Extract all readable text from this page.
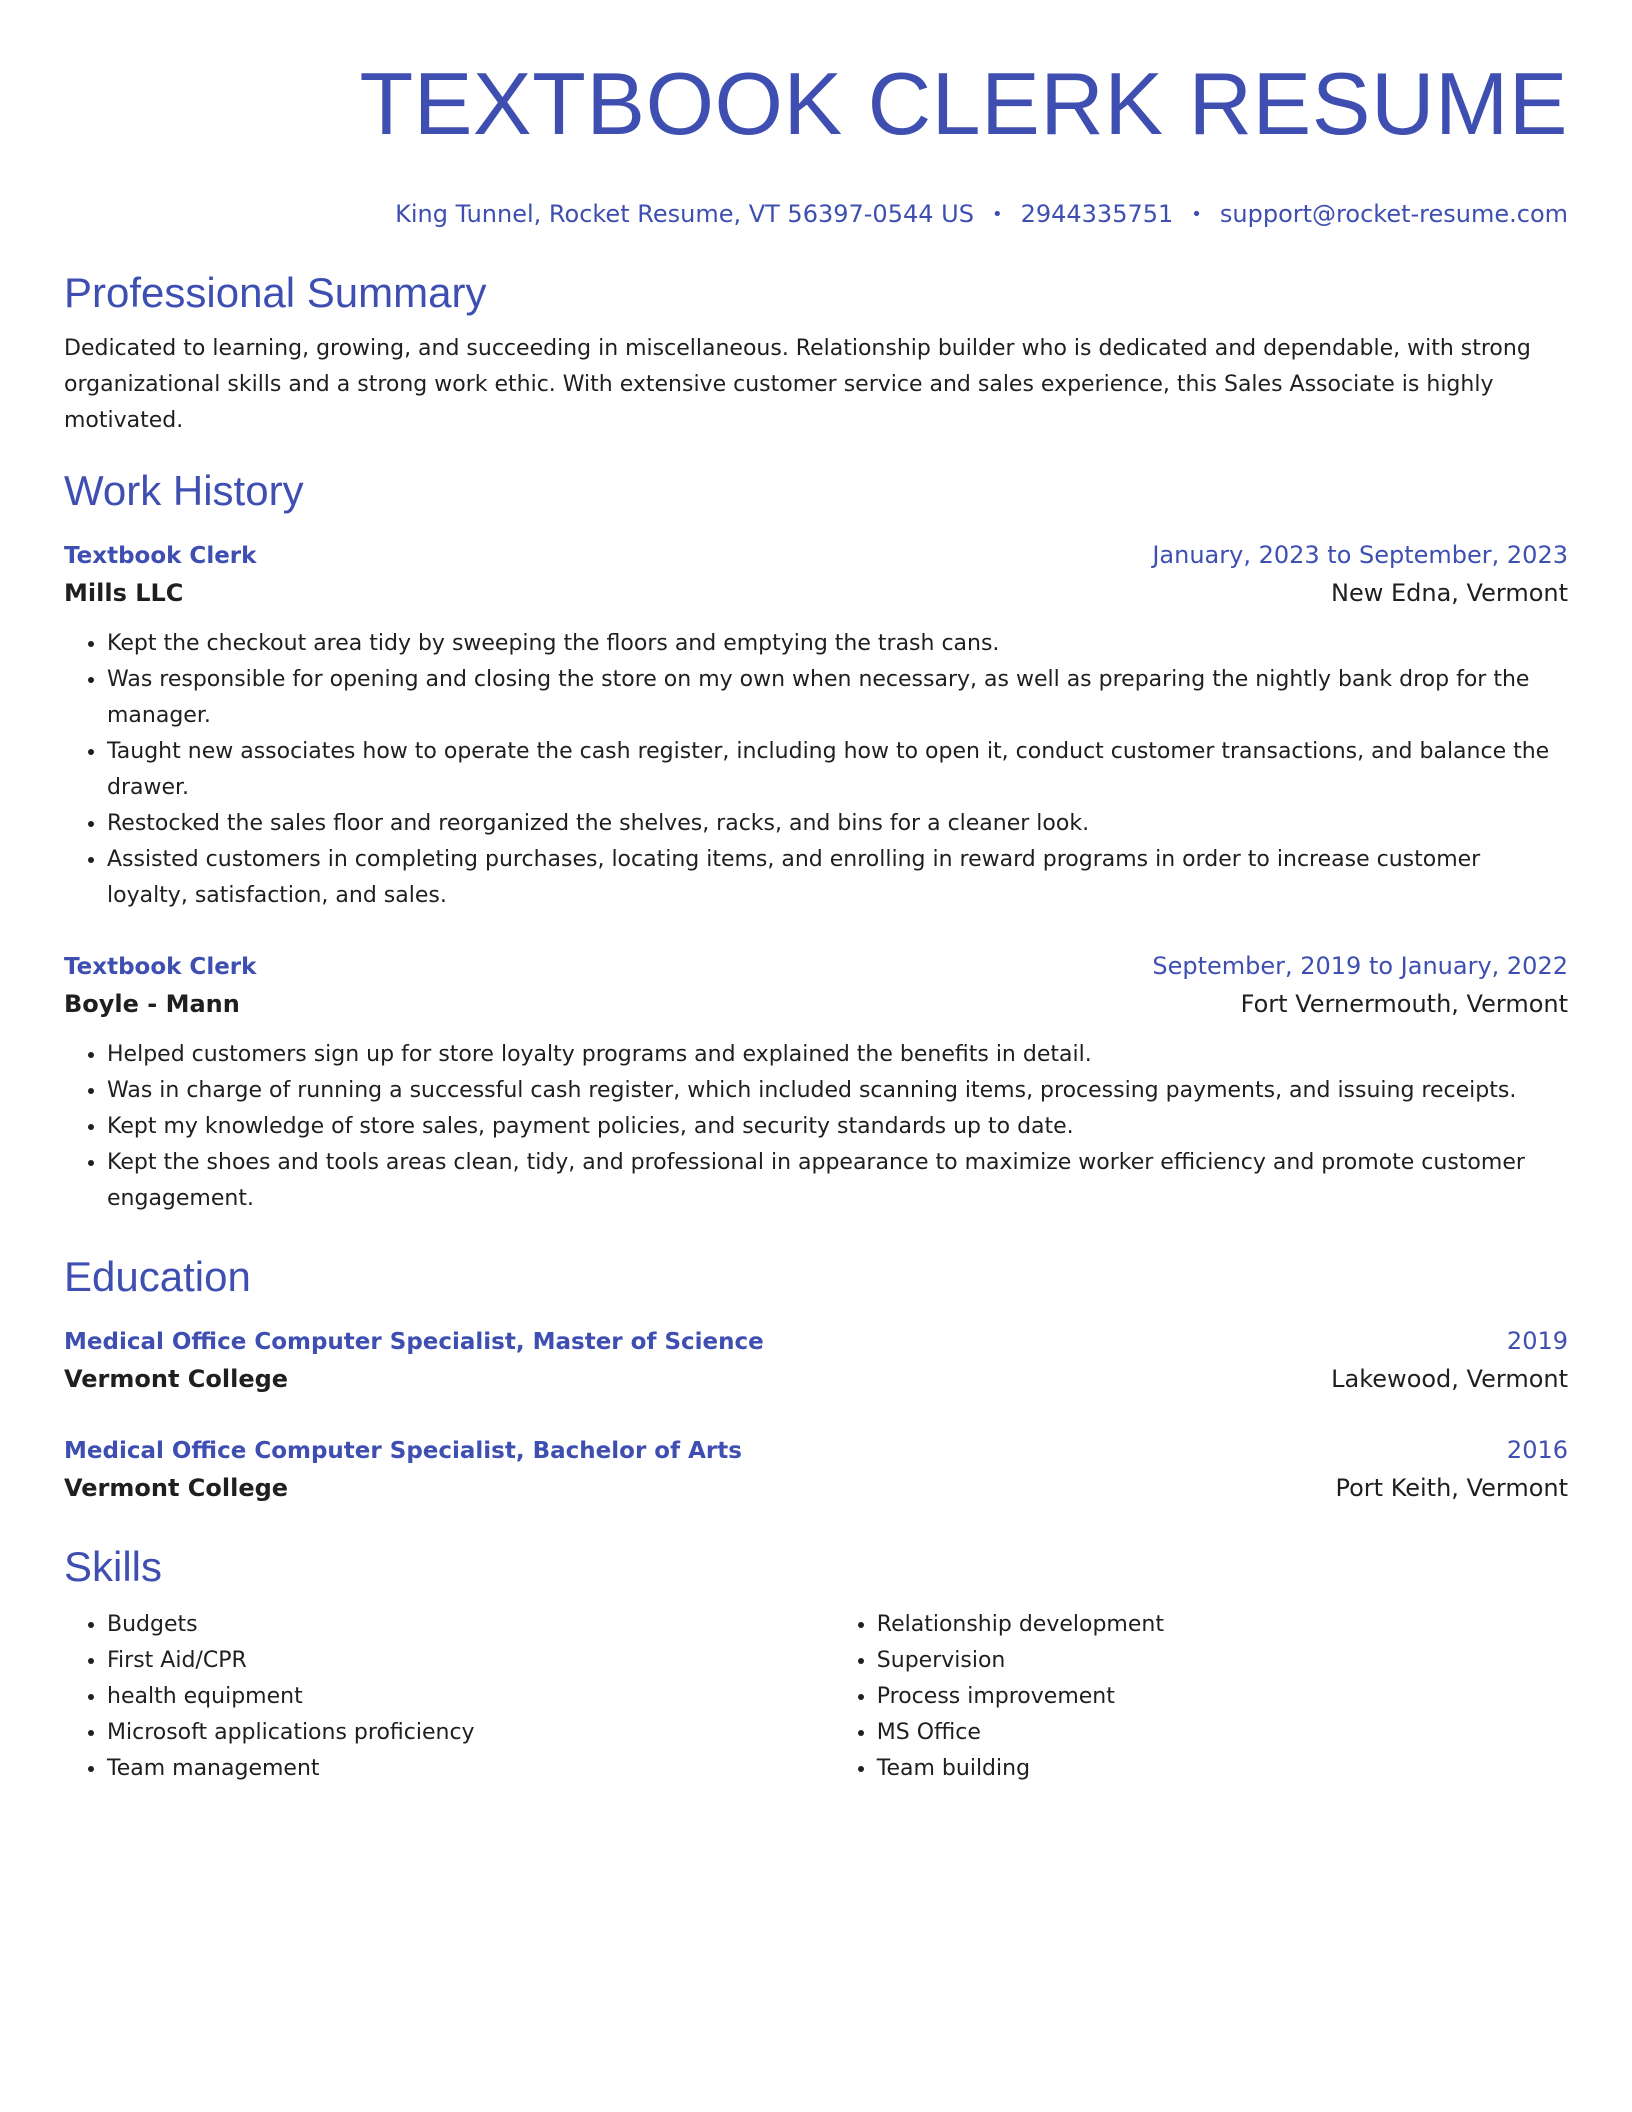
TEXTBOOK CLERK RESUME
King Tunnel, Rocket Resume, VT 56397-0544 US • 2944335751 • support@rocket-resume.com
Professional Summary
Dedicated to learning, growing, and succeeding in miscellaneous. Relationship builder who is dedicated and dependable, with strong organizational skills and a strong work ethic. With extensive customer service and sales experience, this Sales Associate is highly motivated.
Work History
Textbook Clerk	January, 2023 to September, 2023
Mills LLC	New Edna, Vermont
• Kept the checkout area tidy by sweeping the floors and emptying the trash cans.
• Was responsible for opening and closing the store on my own when necessary, as well as preparing the nightly bank drop for the manager.
• Taught new associates how to operate the cash register, including how to open it, conduct customer transactions, and balance the drawer.
• Restocked the sales floor and reorganized the shelves, racks, and bins for a cleaner look.
• Assisted customers in completing purchases, locating items, and enrolling in reward programs in order to increase customer loyalty, satisfaction, and sales.
Textbook Clerk	September, 2019 to January, 2022
Boyle - Mann	Fort Vernermouth, Vermont
• Helped customers sign up for store loyalty programs and explained the benefits in detail.
• Was in charge of running a successful cash register, which included scanning items, processing payments, and issuing receipts.
• Kept my knowledge of store sales, payment policies, and security standards up to date.
• Kept the shoes and tools areas clean, tidy, and professional in appearance to maximize worker efficiency and promote customer engagement.
Education
Medical Office Computer Specialist, Master of Science	2019
Vermont College	Lakewood, Vermont
Medical Office Computer Specialist, Bachelor of Arts	2016
Vermont College	Port Keith, Vermont
Skills
• Budgets
• First Aid/CPR
• health equipment
• Microsoft applications proficiency
• Team management
• Relationship development
• Supervision
• Process improvement
• MS Office
• Team building
